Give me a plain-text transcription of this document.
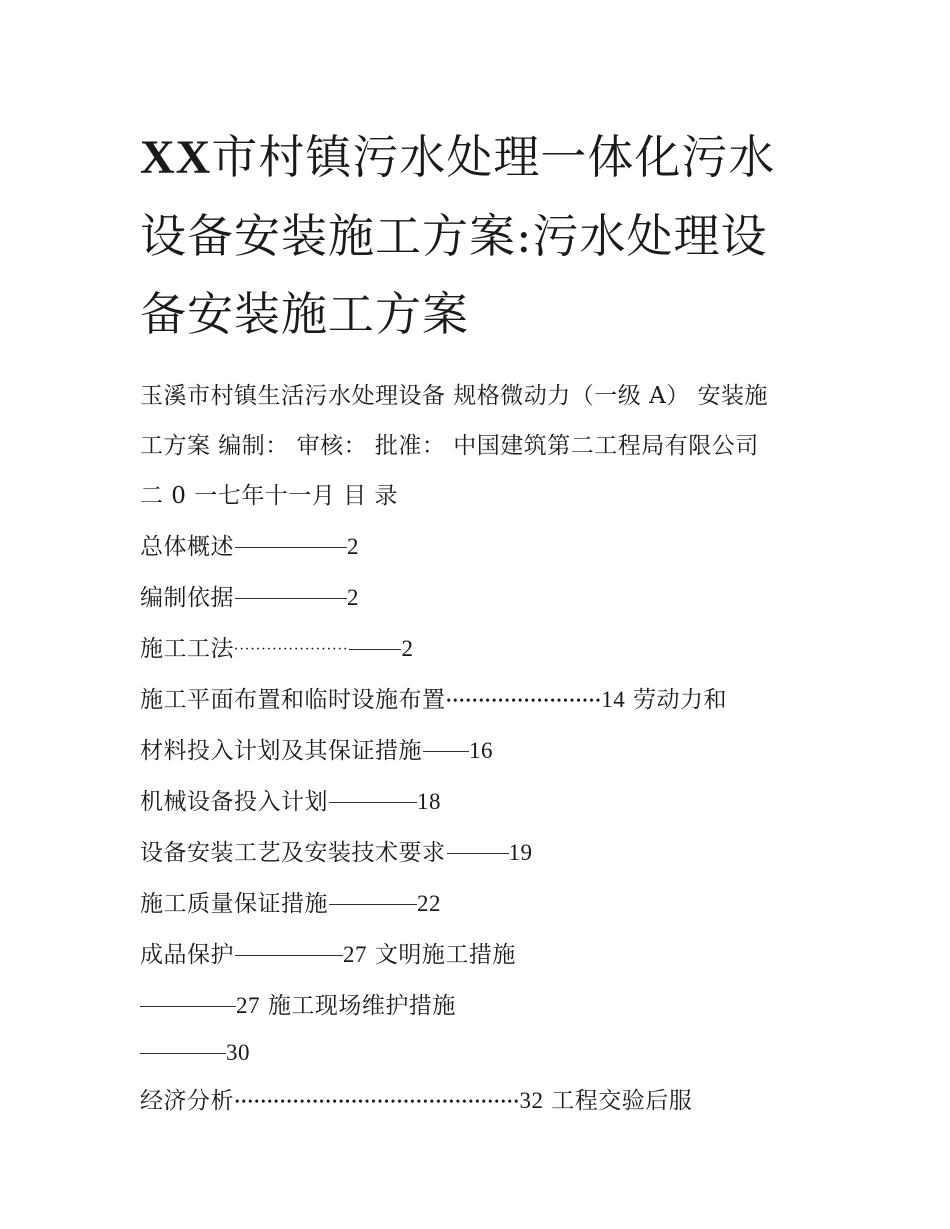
XX市村镇污水处理一体化污水
设备安装施工方案:污水处理设
备安装施工方案
玉溪市村镇生活污水处理设备 规格微动力（一级 A） 安装施
工方案 编制： 审核： 批准： 中国建筑第二工程局有限公司
二 0 一七年十一月 目 录
总体概述	2
编制依据	2
施工工法····················· 2
施工平面布置和临时设施布置••••••••••••••••••••••••14 劳动力和
材料投入计划及其保证措施 16
机械设备投入计划	18
设备安装工艺及安装技术要求	19
施工质量保证措施	22
成品保护	27 文明施工措施
27 施工现场维护措施
30
经济分析••••••••••••••••••••••••••••••••••••••••••••32 工程交验后服
